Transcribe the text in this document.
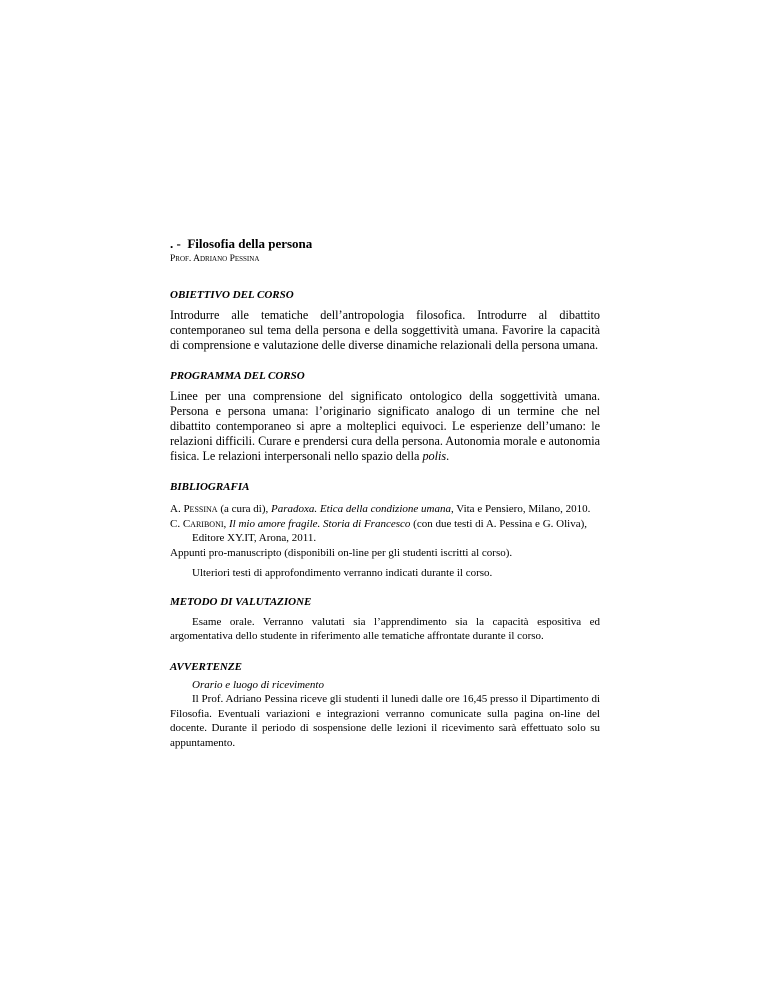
. - Filosofia della persona
Prof. Adriano Pessina
OBIETTIVO DEL CORSO
Introdurre alle tematiche dell’antropologia filosofica. Introdurre al dibattito contemporaneo sul tema della persona e della soggettività umana. Favorire la capacità di comprensione e valutazione delle diverse dinamiche relazionali della persona umana.
PROGRAMMA DEL CORSO
Linee per una comprensione del significato ontologico della soggettività umana. Persona e persona umana: l’originario significato analogo di un termine che nel dibattito contemporaneo si apre a molteplici equivoci. Le esperienze dell’umano: le relazioni difficili. Curare e prendersi cura della persona. Autonomia morale e autonomia fisica. Le relazioni interpersonali nello spazio della polis.
BIBLIOGRAFIA
A. Pessina (a cura di), Paradoxa. Etica della condizione umana, Vita e Pensiero, Milano, 2010.
C. Cariboni, Il mio amore fragile. Storia di Francesco (con due testi di A. Pessina e G. Oliva), Editore XY.IT, Arona, 2011.
Appunti pro-manuscripto (disponibili on-line per gli studenti iscritti al corso).
Ulteriori testi di approfondimento verranno indicati durante il corso.
METODO DI VALUTAZIONE
Esame orale. Verranno valutati sia l’apprendimento sia la capacità espositiva ed argomentativa dello studente in riferimento alle tematiche affrontate durante il corso.
AVVERTENZE
Orario e luogo di ricevimento
Il Prof. Adriano Pessina riceve gli studenti il lunedì dalle ore 16,45 presso il Dipartimento di Filosofia. Eventuali variazioni e integrazioni verranno comunicate sulla pagina on-line del docente. Durante il periodo di sospensione delle lezioni il ricevimento sarà effettuato solo su appuntamento.
